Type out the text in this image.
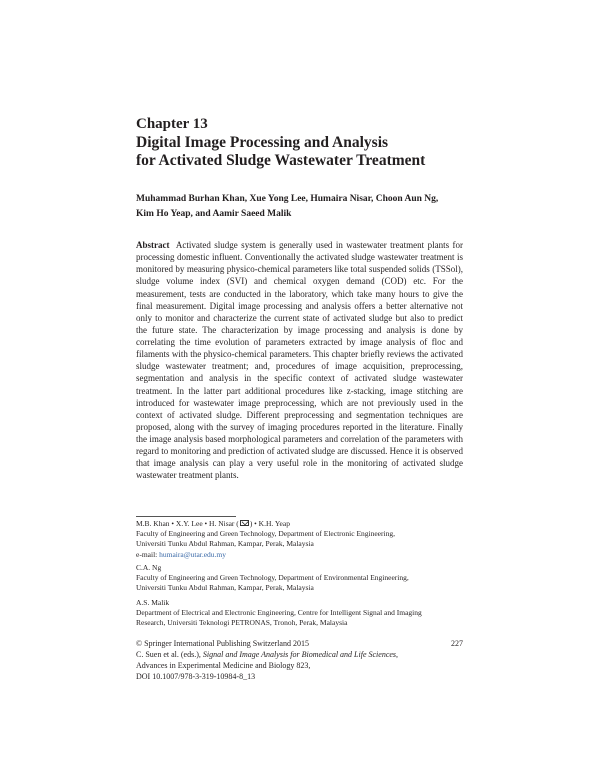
Chapter 13
Digital Image Processing and Analysis
for Activated Sludge Wastewater Treatment
Muhammad Burhan Khan, Xue Yong Lee, Humaira Nisar, Choon Aun Ng,
Kim Ho Yeap, and Aamir Saeed Malik

Abstract Activated sludge system is generally used in wastewater treatment plants for processing domestic influent. Conventionally the activated sludge wastewater treatment is monitored by measuring physico-chemical parameters like total suspended solids (TSSol), sludge volume index (SVI) and chemical oxygen demand (COD) etc. For the measurement, tests are conducted in the laboratory, which take many hours to give the final measurement. Digital image processing and analysis offers a better alternative not only to monitor and characterize the current state of activated sludge but also to predict the future state. The characterization by image processing and analysis is done by correlating the time evolution of parameters extracted by image analysis of floc and filaments with the physico-chemical parameters. This chapter briefly reviews the activated sludge wastewater treatment; and, procedures of image acquisition, preprocessing, segmentation and analysis in the specific context of activated sludge wastewater treatment. In the latter part additional procedures like z-stacking, image stitching are introduced for wastewater image preprocessing, which are not previously used in the context of activated sludge. Different preprocessing and segmentation techniques are proposed, along with the survey of imaging procedures reported in the literature. Finally the image analysis based morphological parameters and correlation of the parameters with regard to monitoring and prediction of activated sludge are discussed. Hence it is observed that image analysis can play a very useful role in the monitoring of activated sludge wastewater treatment plants.

M.B. Khan • X.Y. Lee • H. Nisar ( ) • K.H. Yeap
Faculty of Engineering and Green Technology, Department of Electronic Engineering,
Universiti Tunku Abdul Rahman, Kampar, Perak, Malaysia
e-mail: humaira@utar.edu.my
C.A. Ng
Faculty of Engineering and Green Technology, Department of Environmental Engineering,
Universiti Tunku Abdul Rahman, Kampar, Perak, Malaysia
A.S. Malik
Department of Electrical and Electronic Engineering, Centre for Intelligent Signal and Imaging
Research, Universiti Teknologi PETRONAS, Tronoh, Perak, Malaysia
227
© Springer International Publishing Switzerland 2015
C. Suen et al. (eds.), Signal and Image Analysis for Biomedical and Life Sciences,
Advances in Experimental Medicine and Biology 823,
DOI 10.1007/978-3-319-10984-8_13
